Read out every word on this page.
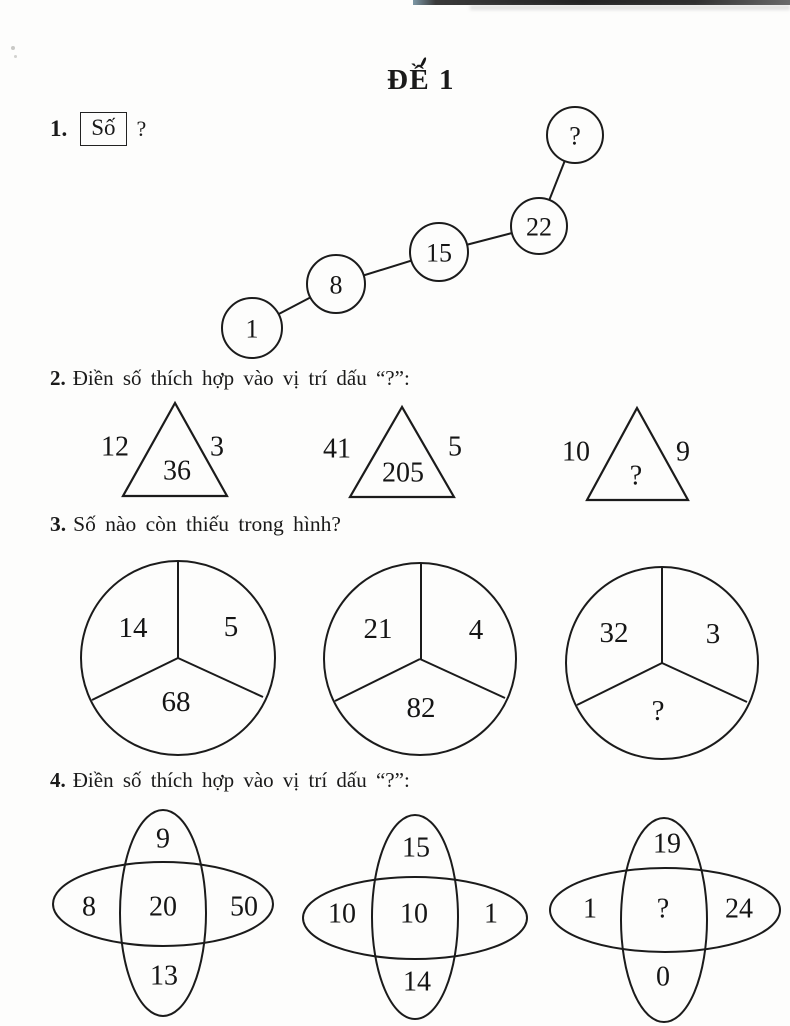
ĐỀ 1
1.	Số ?
2. Điền số thích hợp vào vị trí dấu “?”:
3. Số nào còn thiếu trong hình?
4. Điền số thích hợp vào vị trí dấu “?”:
1
8
15
22
?
12	3
36
41	5
205
10	9
?
14	5
68
21	4
82
32	3
?
9
8 20 50
13
15
10 10 1
14
19
1 ? 24
0
